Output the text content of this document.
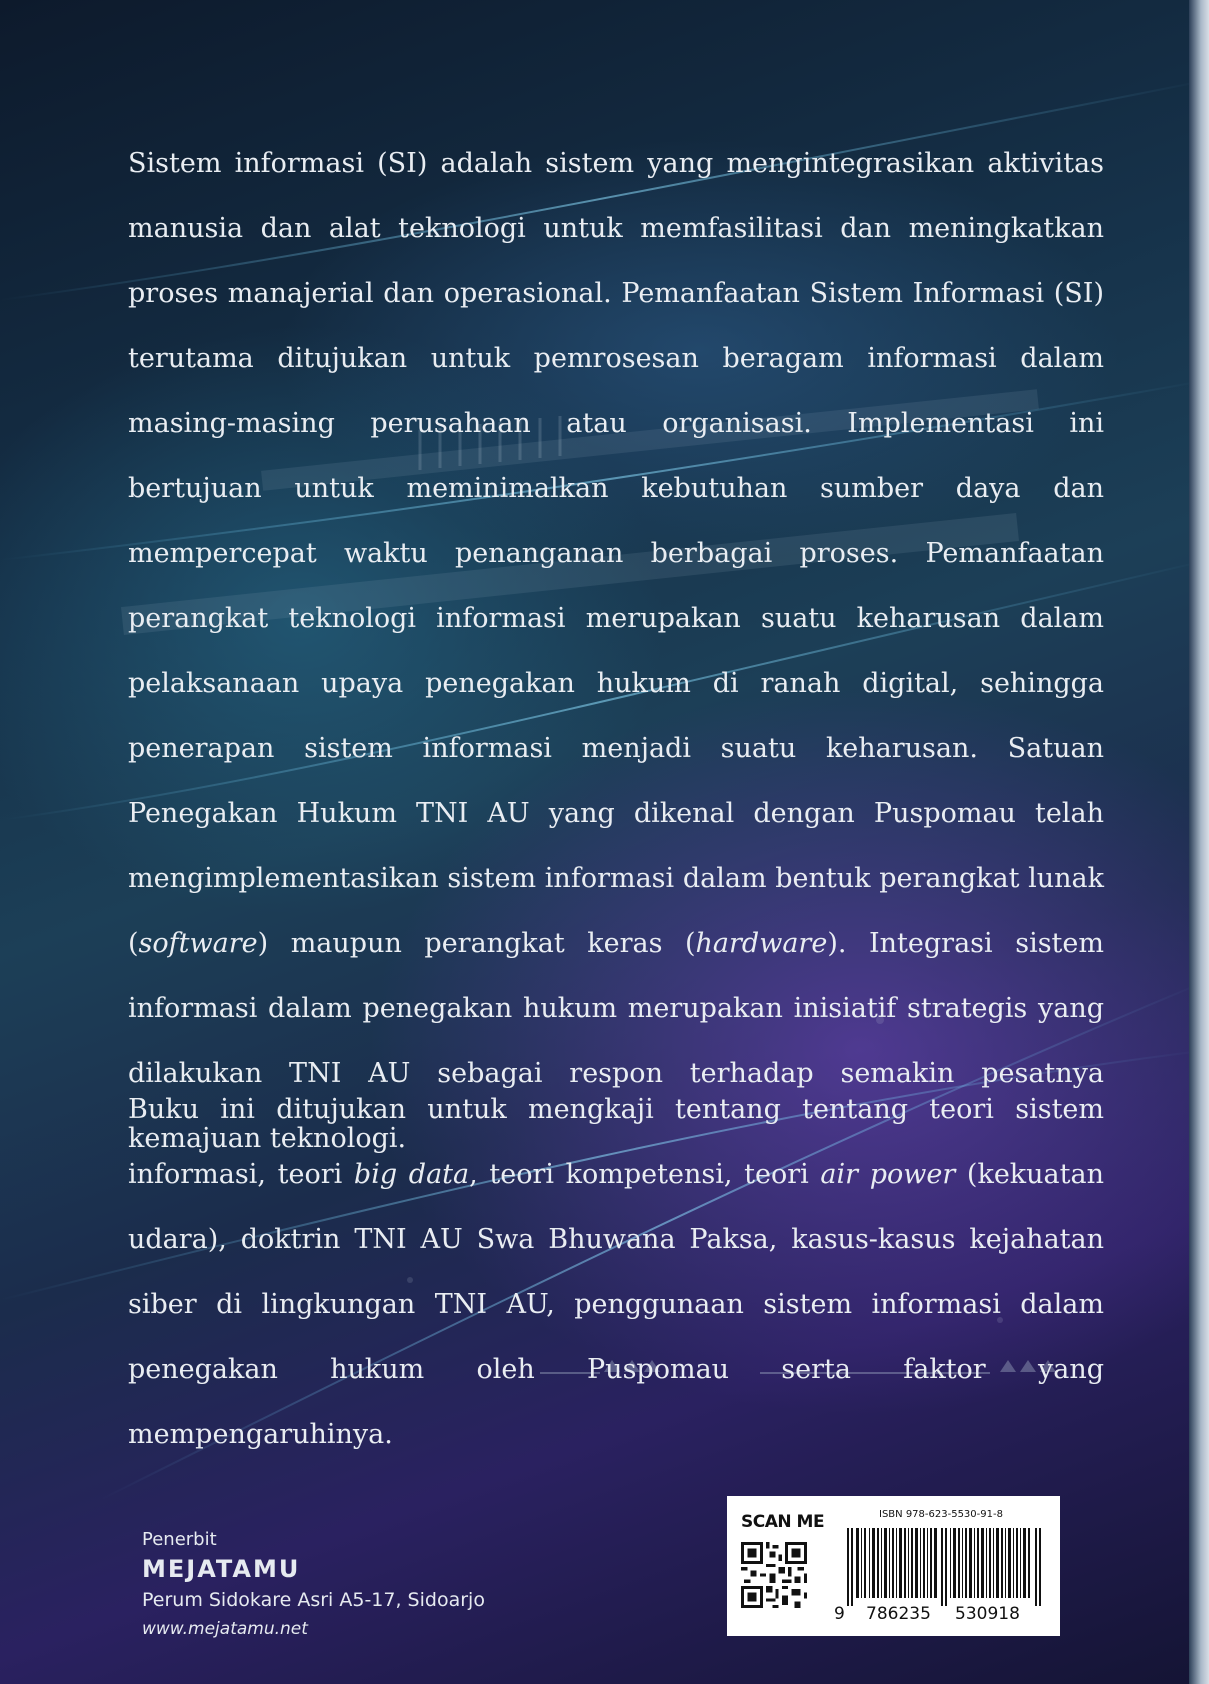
Sistem informasi (SI) adalah sistem yang mengintegrasikan aktivitas manusia dan alat teknologi untuk memfasilitasi dan meningkatkan proses manajerial dan operasional. Pemanfaatan Sistem Informasi (SI) terutama ditujukan untuk pemrosesan beragam informasi dalam masing-masing perusahaan atau organisasi. Implementasi ini bertujuan untuk meminimalkan kebutuhan sumber daya dan mempercepat waktu penanganan berbagai proses. Pemanfaatan perangkat teknologi informasi merupakan suatu keharusan dalam pelaksanaan upaya penegakan hukum di ranah digital, sehingga penerapan sistem informasi menjadi suatu keharusan. Satuan Penegakan Hukum TNI AU yang dikenal dengan Puspomau telah mengimplementasikan sistem informasi dalam bentuk perangkat lunak (software) maupun perangkat keras (hardware). Integrasi sistem informasi dalam penegakan hukum merupakan inisiatif strategis yang dilakukan TNI AU sebagai respon terhadap semakin pesatnya kemajuan teknologi.

Buku ini ditujukan untuk mengkaji tentang tentang teori sistem informasi, teori big data, teori kompetensi, teori air power (kekuatan udara), doktrin TNI AU Swa Bhuwana Paksa, kasus-kasus kejahatan siber di lingkungan TNI AU, penggunaan sistem informasi dalam penegakan hukum oleh Puspomau serta faktor yang mempengaruhinya.

Penerbit
MEJATAMU
Perum Sidokare Asri A5-17, Sidoarjo
www.mejatamu.net
SCAN ME	ISBN 978-623-5530-91-8
9 786235 530918
